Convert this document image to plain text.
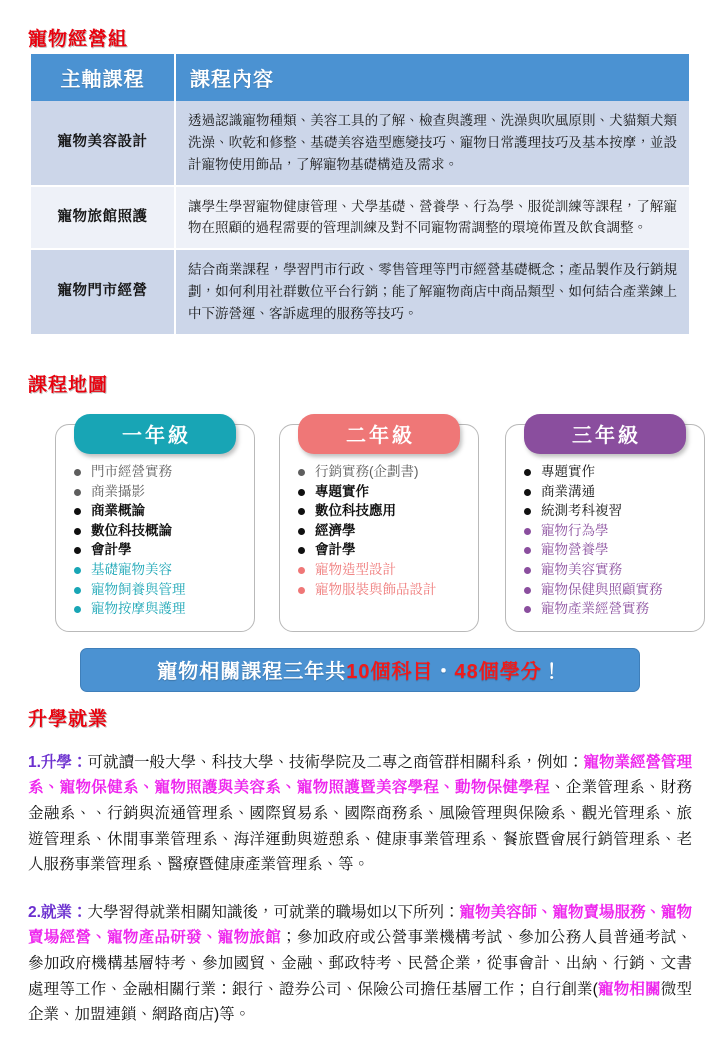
寵物經營組
主軸課程	課程內容
寵物美容設計	透過認識寵物種類、美容工具的了解、檢查與護理、洗澡與吹風原則、犬貓類犬類洗澡、吹乾和修整、基礎美容造型應變技巧、寵物日常護理技巧及基本按摩，並設計寵物使用飾品，了解寵物基礎構造及需求。
寵物旅館照護	讓學生學習寵物健康管理、犬學基礎、營養學、行為學、服從訓練等課程，了解寵物在照顧的過程需要的管理訓練及對不同寵物需調整的環境佈置及飲食調整。
寵物門市經營	結合商業課程，學習門市行政、零售管理等門市經營基礎概念；產品製作及行銷規劃，如何利用社群數位平台行銷；能了解寵物商店中商品類型、如何結合產業鍊上中下游營運、客訴處理的服務等技巧。
課程地圖
一年級
門市經營實務
商業攝影
商業概論
數位科技概論
會計學
基礎寵物美容
寵物飼養與管理
寵物按摩與護理
二年級
行銷實務(企劃書)
專題實作
數位科技應用
經濟學
會計學
寵物造型設計
寵物服裝與飾品設計
三年級
專題實作
商業溝通
統測考科複習
寵物行為學
寵物營養學
寵物美容實務
寵物保健與照顧實務
寵物產業經營實務
寵物相關課程三年共10個科目・48個學分！
升學就業

1.升學：可就讀一般大學、科技大學、技術學院及二專之商管群相關科系，例如：寵物業經營管理系、寵物保健系、寵物照護與美容系、寵物照護暨美容學程、動物保健學程、企業管理系、財務金融系、、行銷與流通管理系、國際貿易系、國際商務系、風險管理與保險系、觀光管理系、旅遊管理系、休閒事業管理系、海洋運動與遊憩系、健康事業管理系、餐旅暨會展行銷管理系、老人服務事業管理系、醫療暨健康產業管理系、等。

2.就業：大學習得就業相關知識後，可就業的職場如以下所列：寵物美容師、寵物賣場服務、寵物賣場經營、寵物產品研發、寵物旅館；參加政府或公營事業機構考試、參加公務人員普通考試、參加政府機構基層特考、參加國貿、金融、郵政特考、民營企業，從事會計、出納、行銷、文書處理等工作、金融相關行業：銀行、證券公司、保險公司擔任基層工作；自行創業(寵物相關微型企業、加盟連鎖、網路商店)等。
